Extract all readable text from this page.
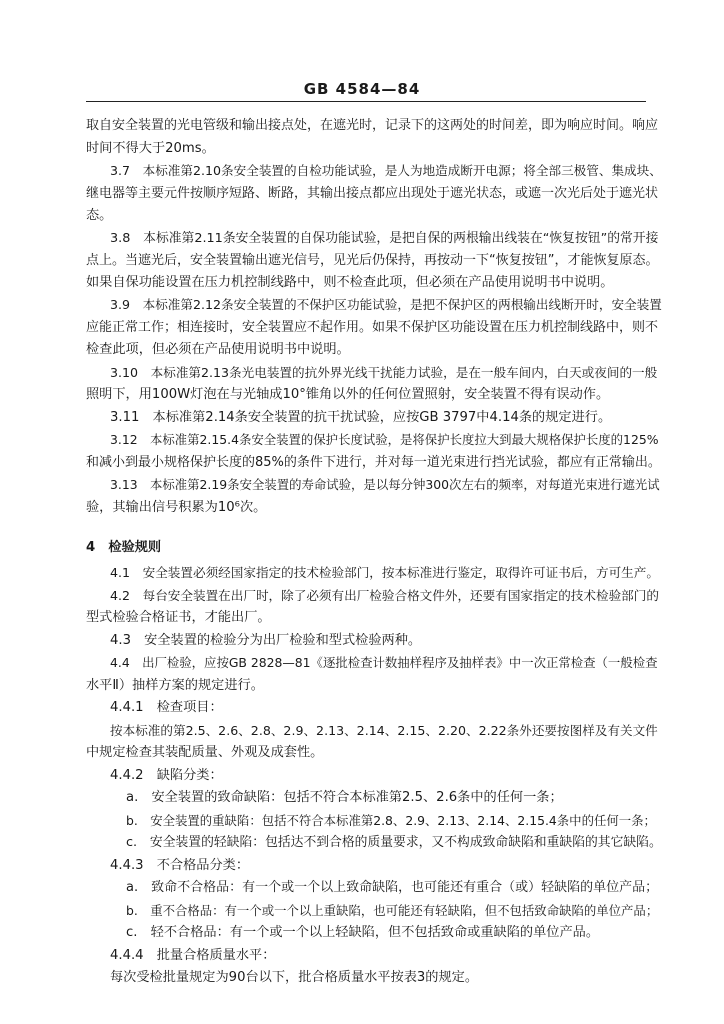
GB 4584—84
取自安全装置的光电管级和输出接点处，在遮光时，记录下的这两处的时间差，即为响应时间。响应
时间不得大于20ms。
3.7　本标准第2.10条安全装置的自检功能试验，是人为地造成断开电源；将全部三极管、集成块、
继电器等主要元件按顺序短路、断路，其输出接点都应出现处于遮光状态，或遮一次光后处于遮光状
态。
3.8　本标准第2.11条安全装置的自保功能试验，是把自保的两根输出线装在“恢复按钮”的常开接
点上。当遮光后，安全装置输出遮光信号，见光后仍保持，再按动一下“恢复按钮”，才能恢复原态。
如果自保功能设置在压力机控制线路中，则不检查此项，但必须在产品使用说明书中说明。
3.9　本标准第2.12条安全装置的不保护区功能试验，是把不保护区的两根输出线断开时，安全装置
应能正常工作；相连接时，安全装置应不起作用。如果不保护区功能设置在压力机控制线路中，则不
检查此项，但必须在产品使用说明书中说明。
3.10　本标准第2.13条光电装置的抗外界光线干扰能力试验，是在一般车间内，白天或夜间的一般
照明下，用100W灯泡在与光轴成10°锥角以外的任何位置照射，安全装置不得有误动作。
3.11　本标准第2.14条安全装置的抗干扰试验，应按GB 3797中4.14条的规定进行。
3.12　本标准第2.15.4条安全装置的保护长度试验，是将保护长度拉大到最大规格保护长度的125%
和减小到最小规格保护长度的85%的条件下进行，并对每一道光束进行挡光试验，都应有正常输出。
3.13　本标准第2.19条安全装置的寿命试验，是以每分钟300次左右的频率，对每道光束进行遮光试
验，其输出信号积累为10⁶次。
4　检验规则
4.1　安全装置必须经国家指定的技术检验部门，按本标准进行鉴定，取得许可证书后，方可生产。
4.2　每台安全装置在出厂时，除了必须有出厂检验合格文件外，还要有国家指定的技术检验部门的
型式检验合格证书，才能出厂。
4.3　安全装置的检验分为出厂检验和型式检验两种。
4.4　出厂检验，应按GB 2828—81《逐批检查计数抽样程序及抽样表》中一次正常检查（一般检查
水平Ⅱ）抽样方案的规定进行。
4.4.1　检查项目：
按本标准的第2.5、2.6、2.8、2.9、2.13、2.14、2.15、2.20、2.22条外还要按图样及有关文件
中规定检查其装配质量、外观及成套性。
4.4.2　缺陷分类：
a.　安全装置的致命缺陷：包括不符合本标准第2.5、2.6条中的任何一条；
b.　安全装置的重缺陷：包括不符合本标准第2.8、2.9、2.13、2.14、2.15.4条中的任何一条；
c.　安全装置的轻缺陷：包括达不到合格的质量要求，又不构成致命缺陷和重缺陷的其它缺陷。
4.4.3　不合格品分类：
a.　致命不合格品：有一个或一个以上致命缺陷，也可能还有重合（或）轻缺陷的单位产品；
b.　重不合格品：有一个或一个以上重缺陷，也可能还有轻缺陷，但不包括致命缺陷的单位产品；
c.　轻不合格品：有一个或一个以上轻缺陷，但不包括致命或重缺陷的单位产品。
4.4.4　批量合格质量水平：
每次受检批量规定为90台以下，批合格质量水平按表3的规定。
